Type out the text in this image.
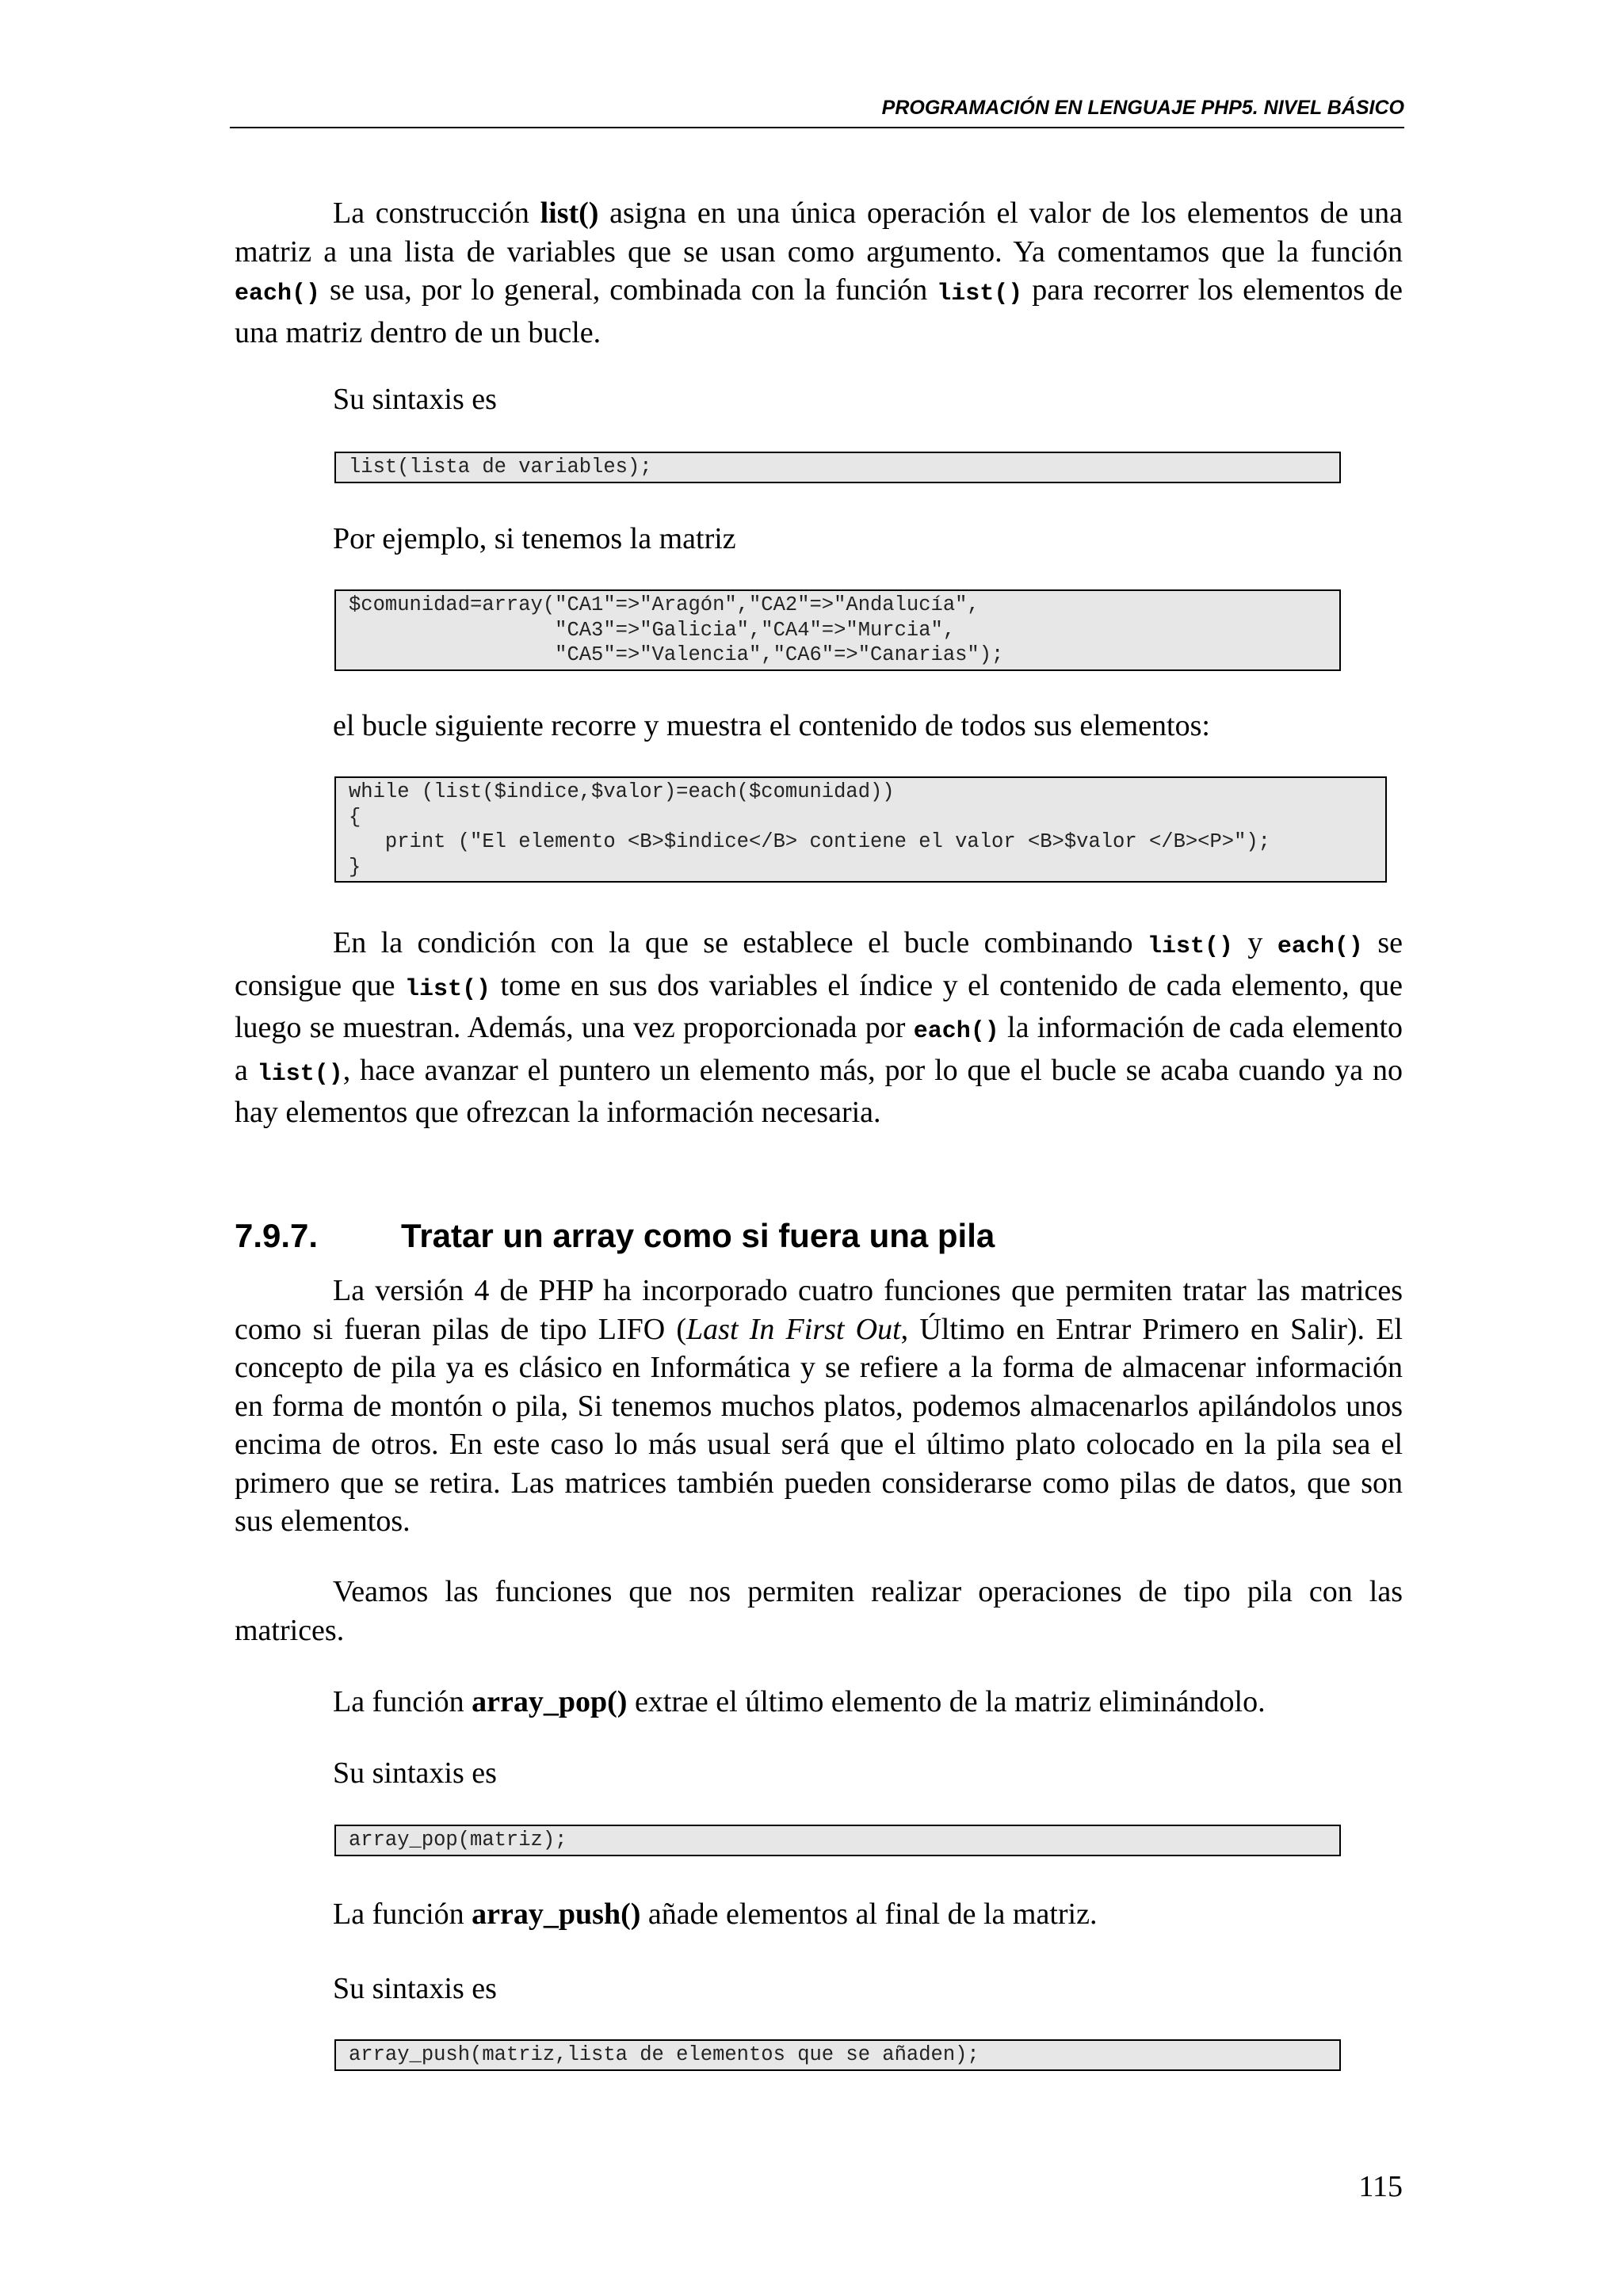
PROGRAMACIÓN EN LENGUAJE PHP5. NIVEL BÁSICO

La construcción list() asigna en una única operación el valor de los elementos de una matriz a una lista de variables que se usan como argumento. Ya comentamos que la función each() se usa, por lo general, combinada con la función list() para recorrer los elementos de una matriz dentro de un bucle.

Su sintaxis es

list(lista de variables);

Por ejemplo, si tenemos la matriz

$comunidad=array("CA1"=>"Aragón","CA2"=>"Andalucía",
"CA3"=>"Galicia","CA4"=>"Murcia",
"CA5"=>"Valencia","CA6"=>"Canarias");

el bucle siguiente recorre y muestra el contenido de todos sus elementos:

while (list($indice,$valor)=each($comunidad))
{
print ("El elemento <B>$indice</B> contiene el valor <B>$valor </B><P>");
}

En la condición con la que se establece el bucle combinando list() y each() se consigue que list() tome en sus dos variables el índice y el contenido de cada elemento, que luego se muestran. Además, una vez proporcionada por each() la información de cada elemento a list(), hace avanzar el puntero un elemento más, por lo que el bucle se acaba cuando ya no hay elementos que ofrezcan la información necesaria.

7.9.7. Tratar un array como si fuera una pila

La versión 4 de PHP ha incorporado cuatro funciones que permiten tratar las matrices como si fueran pilas de tipo LIFO (Last In First Out, Último en Entrar Primero en Salir). El concepto de pila ya es clásico en Informática y se refiere a la forma de almacenar información en forma de montón o pila, Si tenemos muchos platos, podemos almacenarlos apilándolos unos encima de otros. En este caso lo más usual será que el último plato colocado en la pila sea el primero que se retira. Las matrices también pueden considerarse como pilas de datos, que son sus elementos.

Veamos las funciones que nos permiten realizar operaciones de tipo pila con las matrices.

La función array_pop() extrae el último elemento de la matriz eliminándolo.

Su sintaxis es

array_pop(matriz);

La función array_push() añade elementos al final de la matriz.

Su sintaxis es

array_push(matriz,lista de elementos que se añaden);
115
